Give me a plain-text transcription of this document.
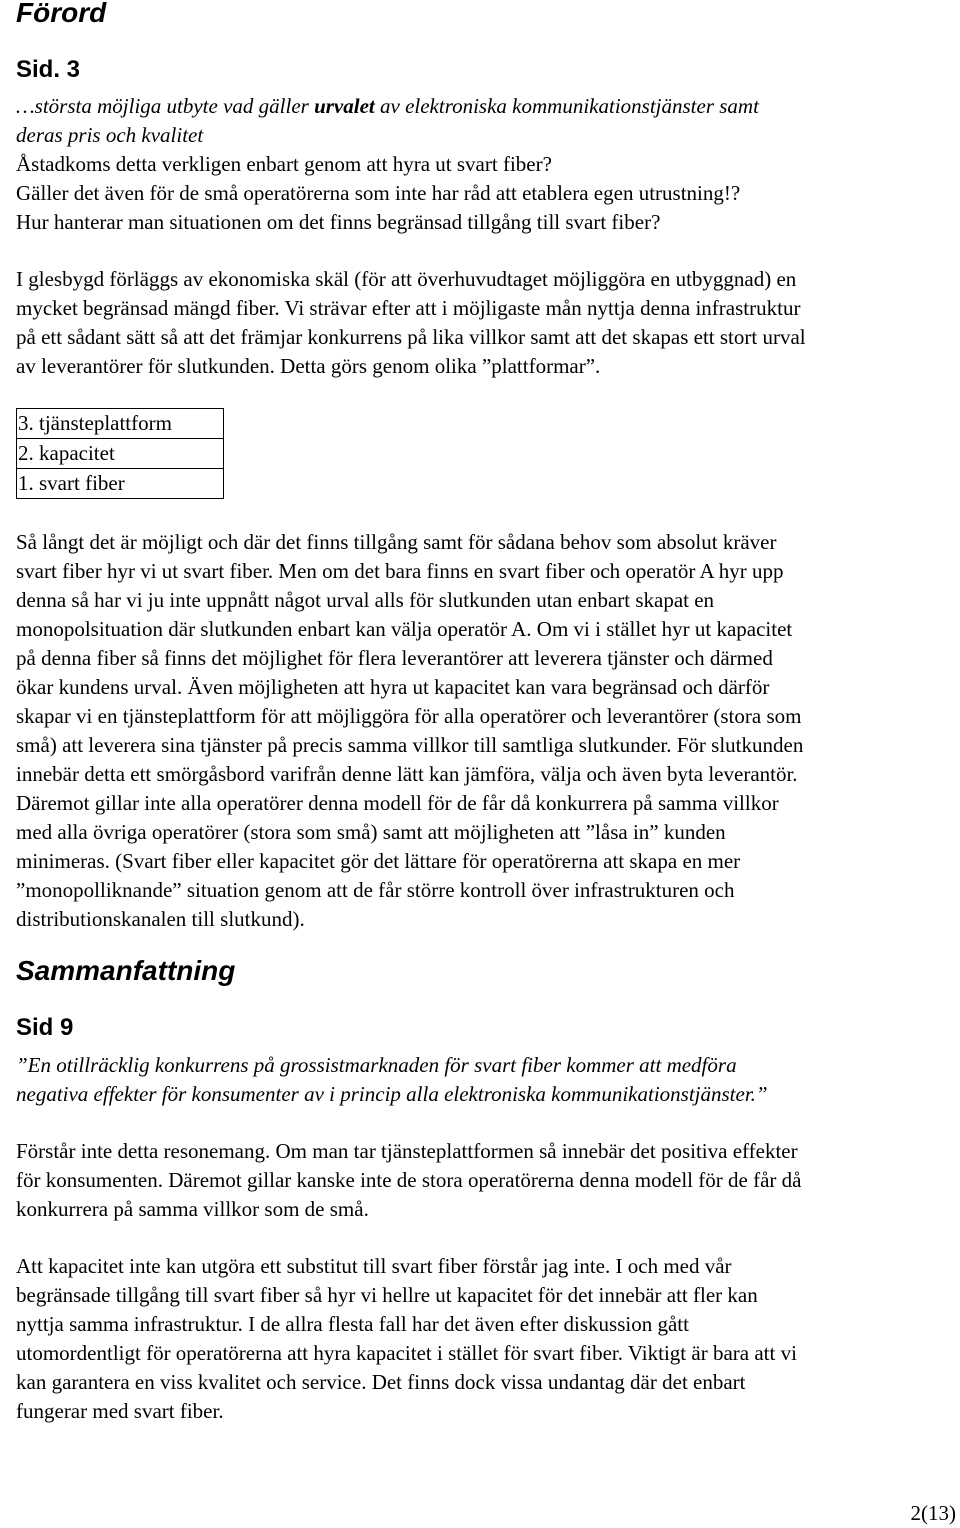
Förord
Sid. 3

…största möjliga utbyte vad gäller urvalet av elektroniska kommunikationstjänster samt
deras pris och kvalitet

Åstadkoms detta verkligen enbart genom att hyra ut svart fiber?
Gäller det även för de små operatörerna som inte har råd att etablera egen utrustning!?
Hur hanterar man situationen om det finns begränsad tillgång till svart fiber?

I glesbygd förläggs av ekonomiska skäl (för att överhuvudtaget möjliggöra en utbyggnad) en
mycket begränsad mängd fiber. Vi strävar efter att i möjligaste mån nyttja denna infrastruktur
på ett sådant sätt så att det främjar konkurrens på lika villkor samt att det skapas ett stort urval
av leverantörer för slutkunden. Detta görs genom olika ”plattformar”.

3. tjänsteplattform
2. kapacitet
1. svart fiber

Så långt det är möjligt och där det finns tillgång samt för sådana behov som absolut kräver
svart fiber hyr vi ut svart fiber. Men om det bara finns en svart fiber och operatör A hyr upp
denna så har vi ju inte uppnått något urval alls för slutkunden utan enbart skapat en
monopolsituation där slutkunden enbart kan välja operatör A. Om vi i stället hyr ut kapacitet
på denna fiber så finns det möjlighet för flera leverantörer att leverera tjänster och därmed
ökar kundens urval. Även möjligheten att hyra ut kapacitet kan vara begränsad och därför
skapar vi en tjänsteplattform för att möjliggöra för alla operatörer och leverantörer (stora som
små) att leverera sina tjänster på precis samma villkor till samtliga slutkunder. För slutkunden
innebär detta ett smörgåsbord varifrån denne lätt kan jämföra, välja och även byta leverantör.
Däremot gillar inte alla operatörer denna modell för de får då konkurrera på samma villkor
med alla övriga operatörer (stora som små) samt att möjligheten att ”låsa in” kunden
minimeras. (Svart fiber eller kapacitet gör det lättare för operatörerna att skapa en mer
”monopolliknande” situation genom att de får större kontroll över infrastrukturen och
distributionskanalen till slutkund).

Sammanfattning
Sid 9

”En otillräcklig konkurrens på grossistmarknaden för svart fiber kommer att medföra
negativa effekter för konsumenter av i princip alla elektroniska kommunikationstjänster.”

Förstår inte detta resonemang. Om man tar tjänsteplattformen så innebär det positiva effekter
för konsumenten. Däremot gillar kanske inte de stora operatörerna denna modell för de får då
konkurrera på samma villkor som de små.

Att kapacitet inte kan utgöra ett substitut till svart fiber förstår jag inte. I och med vår
begränsade tillgång till svart fiber så hyr vi hellre ut kapacitet för det innebär att fler kan
nyttja samma infrastruktur. I de allra flesta fall har det även efter diskussion gått
utomordentligt för operatörerna att hyra kapacitet i stället för svart fiber. Viktigt är bara att vi
kan garantera en viss kvalitet och service. Det finns dock vissa undantag där det enbart
fungerar med svart fiber.

2(13)
